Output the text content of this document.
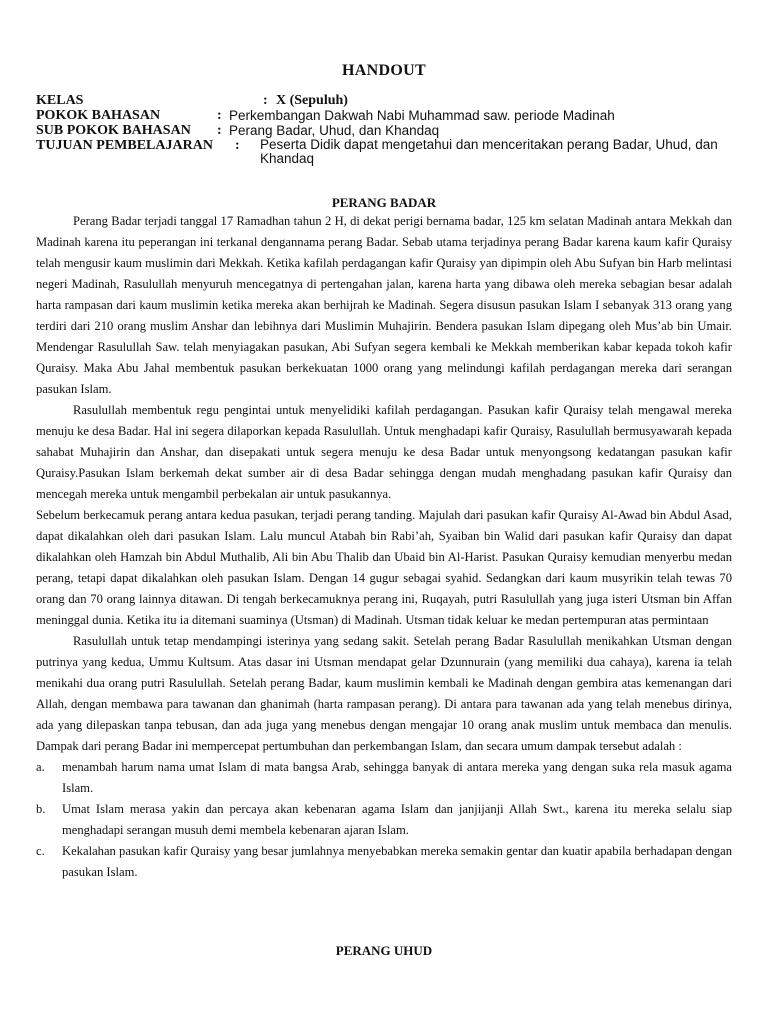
HANDOUT
KELAS	: X (Sepuluh)
POKOK BAHASAN	: Perkembangan Dakwah Nabi Muhammad saw. periode Madinah
SUB POKOK BAHASAN : Perang Badar, Uhud, dan Khandaq
TUJUAN PEMBELAJARAN : Peserta Didik dapat mengetahui dan menceritakan perang Badar, Uhud, dan Khandaq
PERANG BADAR

Perang Badar terjadi tanggal 17 Ramadhan tahun 2 H, di dekat perigi bernama badar, 125 km selatan Madinah antara Mekkah dan Madinah karena itu peperangan ini terkanal dengannama perang Badar. Sebab utama terjadinya perang Badar karena kaum kafir Quraisy telah mengusir kaum muslimin dari Mekkah. Ketika kafilah perdagangan kafir Quraisy yan dipimpin oleh Abu Sufyan bin Harb melintasi negeri Madinah, Rasulullah menyuruh mencegatnya di pertengahan jalan, karena harta yang dibawa oleh mereka sebagian besar adalah harta rampasan dari kaum muslimin ketika mereka akan berhijrah ke Madinah. Segera disusun pasukan Islam I sebanyak 313 orang yang terdiri dari 210 orang muslim Anshar dan lebihnya dari Muslimin Muhajirin. Bendera pasukan Islam dipegang oleh Mus’ab bin Umair. Mendengar Rasulullah Saw. telah menyiagakan pasukan, Abi Sufyan segera kembali ke Mekkah memberikan kabar kepada tokoh kafir Quraisy. Maka Abu Jahal membentuk pasukan berkekuatan 1000 orang yang melindungi kafilah perdagangan mereka dari serangan pasukan Islam.

Rasulullah membentuk regu pengintai untuk menyelidiki kafilah perdagangan. Pasukan kafir Quraisy telah mengawal mereka menuju ke desa Badar. Hal ini segera dilaporkan kepada Rasulullah. Untuk menghadapi kafir Quraisy, Rasulullah bermusyawarah kepada sahabat Muhajirin dan Anshar, dan disepakati untuk segera menuju ke desa Badar untuk menyongsong kedatangan pasukan kafir Quraisy.Pasukan Islam berkemah dekat sumber air di desa Badar sehingga dengan mudah menghadang pasukan kafir Quraisy dan mencegah mereka untuk mengambil perbekalan air untuk pasukannya.

Sebelum berkecamuk perang antara kedua pasukan, terjadi perang tanding. Majulah dari pasukan kafir Quraisy Al-Awad bin Abdul Asad, dapat dikalahkan oleh dari pasukan Islam. Lalu muncul Atabah bin Rabi’ah, Syaiban bin Walid dari pasukan kafir Quraisy dan dapat dikalahkan oleh Hamzah bin Abdul Muthalib, Ali bin Abu Thalib dan Ubaid bin Al-Harist. Pasukan Quraisy kemudian menyerbu medan perang, tetapi dapat dikalahkan oleh pasukan Islam. Dengan 14 gugur sebagai syahid. Sedangkan dari kaum musyrikin telah tewas 70 orang dan 70 orang lainnya ditawan. Di tengah berkecamuknya perang ini, Ruqayah, putri Rasulullah yang juga isteri Utsman bin Affan meninggal dunia. Ketika itu ia ditemani suaminya (Utsman) di Madinah. Utsman tidak keluar ke medan pertempuran atas permintaan

Rasulullah untuk tetap mendampingi isterinya yang sedang sakit. Setelah perang Badar Rasulullah menikahkan Utsman dengan putrinya yang kedua, Ummu Kultsum. Atas dasar ini Utsman mendapat gelar Dzunnurain (yang memiliki dua cahaya), karena ia telah menikahi dua orang putri Rasulullah. Setelah perang Badar, kaum muslimin kembali ke Madinah dengan gembira atas kemenangan dari Allah, dengan membawa para tawanan dan ghanimah (harta rampasan perang). Di antara para tawanan ada yang telah menebus dirinya, ada yang dilepaskan tanpa tebusan, dan ada juga yang menebus dengan mengajar 10 orang anak muslim untuk membaca dan menulis. Dampak dari perang Badar ini mempercepat pertumbuhan dan perkembangan Islam, dan secara umum dampak tersebut adalah :

a. menambah harum nama umat Islam di mata bangsa Arab, sehingga banyak di antara mereka yang dengan suka rela masuk agama Islam.
b. Umat Islam merasa yakin dan percaya akan kebenaran agama Islam dan janjijanji Allah Swt., karena itu mereka selalu siap menghadapi serangan musuh demi membela kebenaran ajaran Islam.
c. Kekalahan pasukan kafir Quraisy yang besar jumlahnya menyebabkan mereka semakin gentar dan kuatir apabila berhadapan dengan pasukan Islam.
PERANG UHUD
